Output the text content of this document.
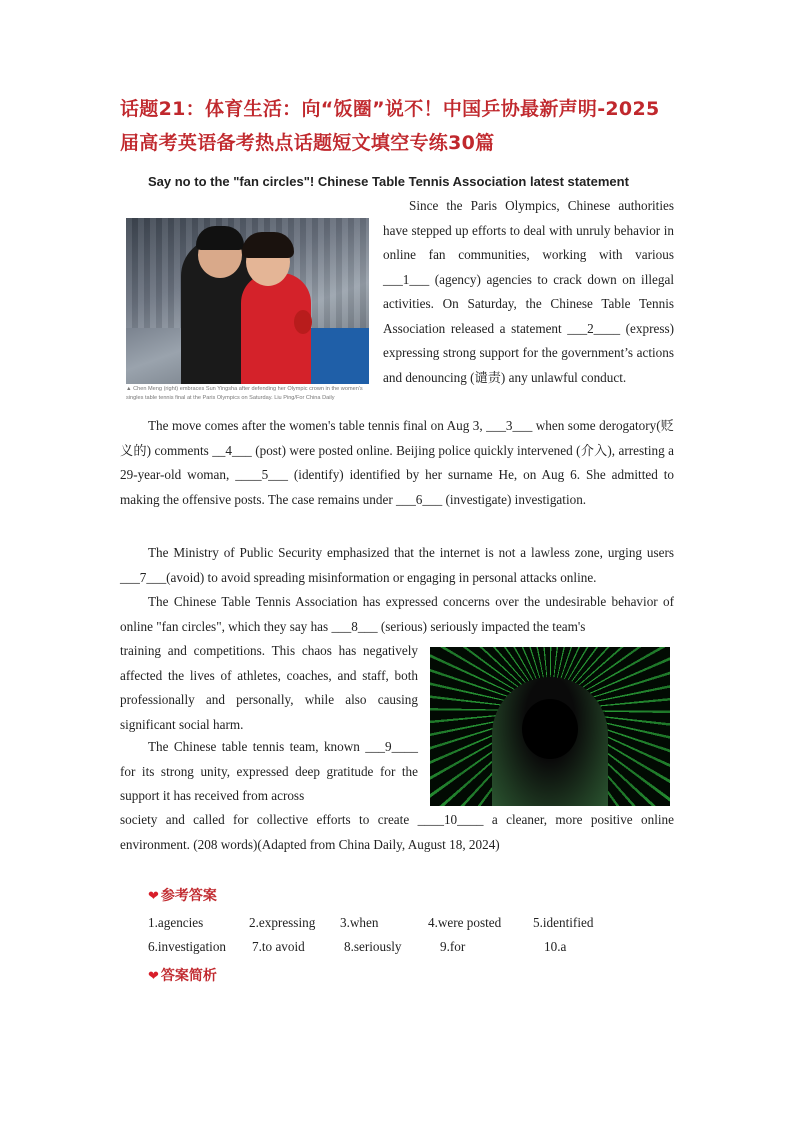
话题21：体育生活：向“饭圈”说不！中国乒协最新声明-2025
届高考英语备考热点话题短文填空专练30篇
Say no to the "fan circles"! Chinese Table Tennis Association latest statement
▲ Chen Meng (right) embraces Sun Yingsha after defending her Olympic crown in the women's singles table tennis final at the Paris Olympics on Saturday. Liu Ping/For China Daily

Since the Paris Olympics, Chinese authorities have stepped up efforts to deal with unruly behavior in online fan communities, working with various ___1___ (agency) agencies to crack down on illegal activities. On Saturday, the Chinese Table Tennis Association released a statement ___2____ (express) expressing strong support for the government’s actions and denouncing (谴责) any unlawful conduct.

The move comes after the women's table tennis final on Aug 3, ___3___ when some derogatory(贬义的) comments __4___ (post) were posted online. Beijing police quickly intervened (介入), arresting a 29-year-old woman, ____5___ (identify) identified by her surname He, on Aug 6. She admitted to making the offensive posts. The case remains under ___6___ (investigate) investigation.

The Ministry of Public Security emphasized that the internet is not a lawless zone, urging users ___7___(avoid) to avoid spreading misinformation or engaging in personal attacks online.

The Chinese Table Tennis Association has expressed concerns over the undesirable behavior of online "fan circles", which they say has ___8___ (serious) seriously impacted the team's

training and competitions. This chaos has negatively affected the lives of athletes, coaches, and staff, both professionally and personally, while also causing significant social harm.

The Chinese table tennis team, known ___9____ for its strong unity, expressed deep gratitude for the support it has received from across

society and called for collective efforts to create ____10____ a cleaner, more positive online environment. (208 words)(Adapted from China Daily, August 18, 2024)

❤ 参考答案
1.agencies	2.expressing 3.when	4.were posted 5.identified
6.investigation 7.to avoid	8.seriously	9.for	10.a
❤ 答案简析
